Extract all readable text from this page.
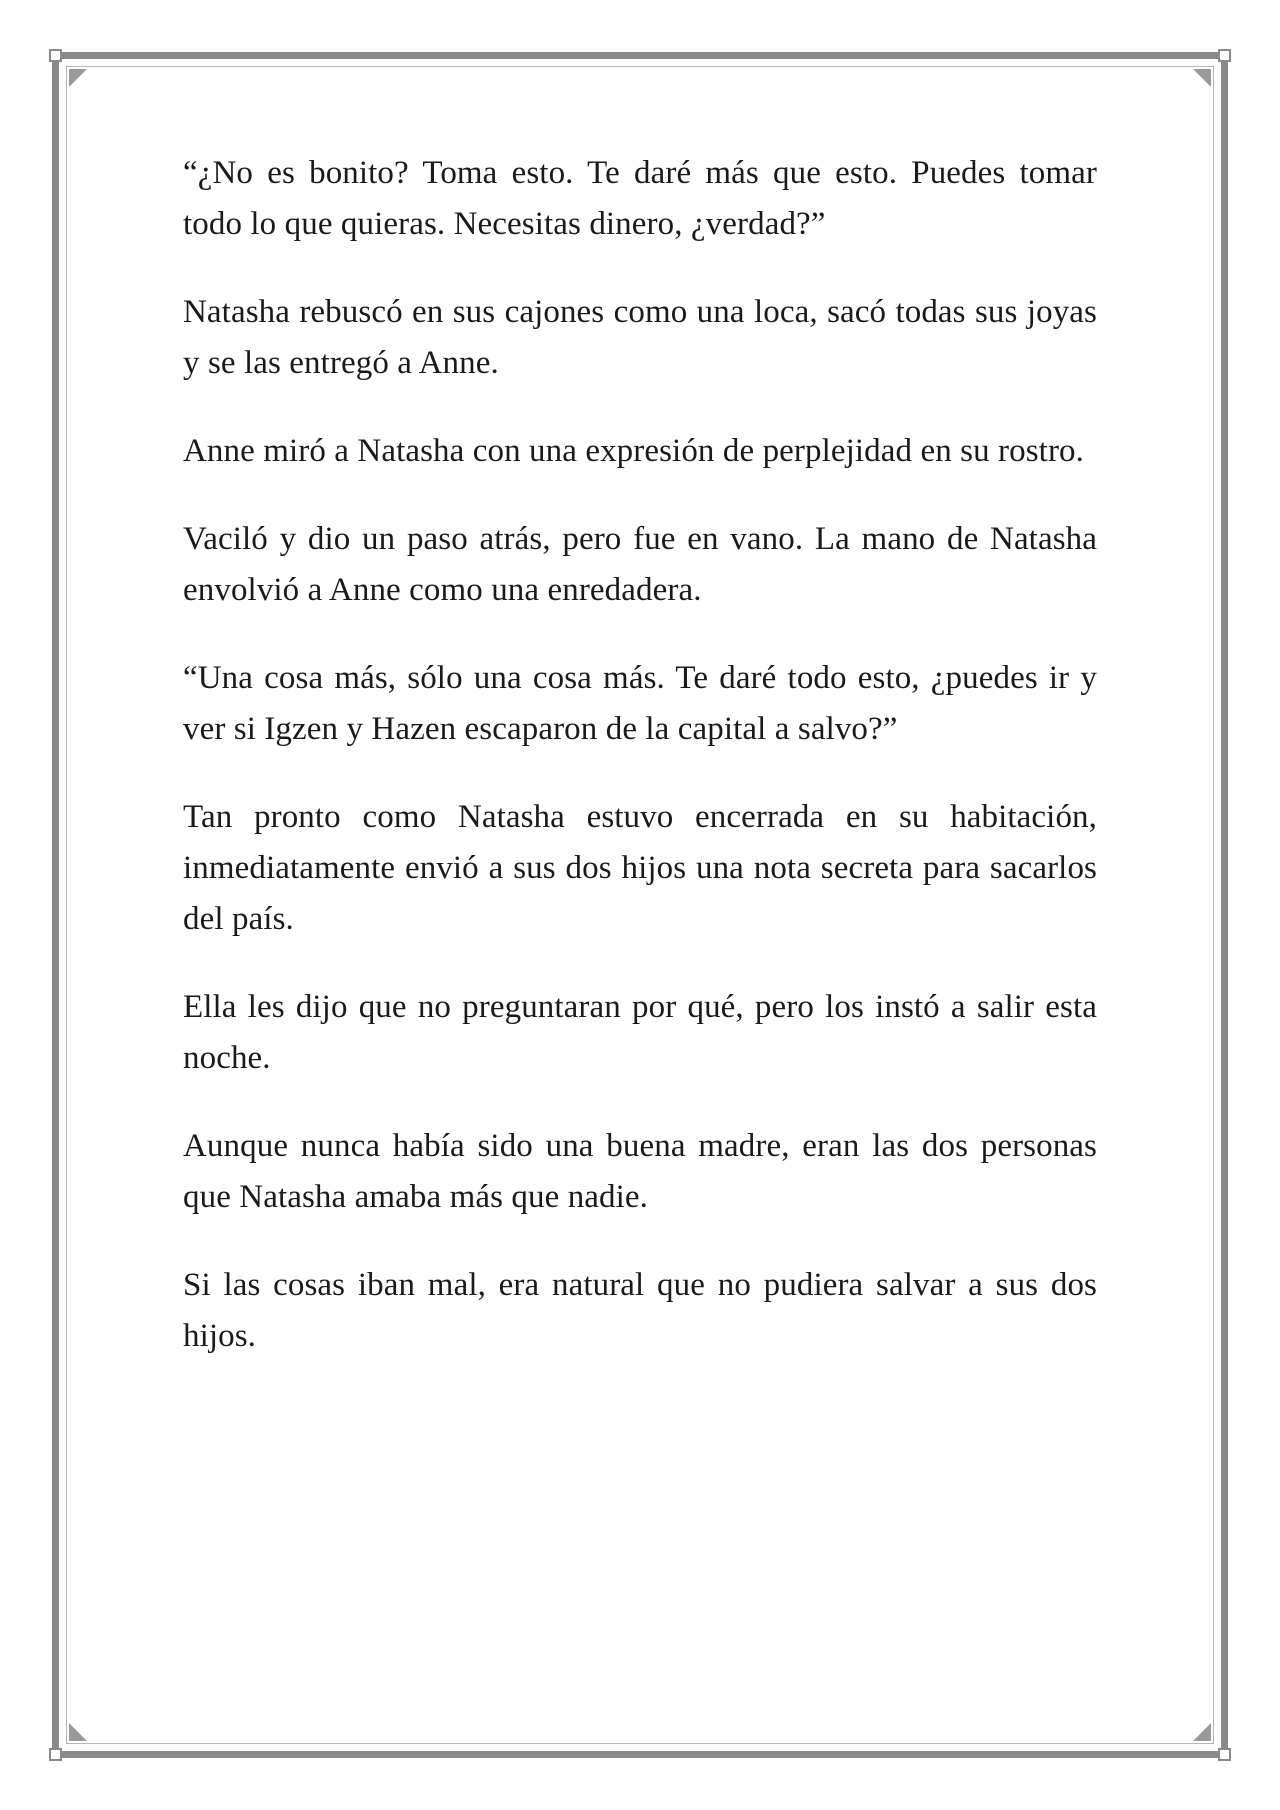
“¿No es bonito? Toma esto. Te daré más que esto. Puedes tomar todo lo que quieras. Necesitas dinero, ¿verdad?”

Natasha rebuscó en sus cajones como una loca, sacó todas sus joyas y se las entregó a Anne.

Anne miró a Natasha con una expresión de perplejidad en su rostro.

Vaciló y dio un paso atrás, pero fue en vano. La mano de Natasha envolvió a Anne como una enredadera.

“Una cosa más, sólo una cosa más. Te daré todo esto, ¿puedes ir y ver si Igzen y Hazen escaparon de la capital a salvo?”

Tan pronto como Natasha estuvo encerrada en su habitación, inmediatamente envió a sus dos hijos una nota secreta para sacarlos del país.

Ella les dijo que no preguntaran por qué, pero los instó a salir esta noche.

Aunque nunca había sido una buena madre, eran las dos personas que Natasha amaba más que nadie.

Si las cosas iban mal, era natural que no pudiera salvar a sus dos hijos.
